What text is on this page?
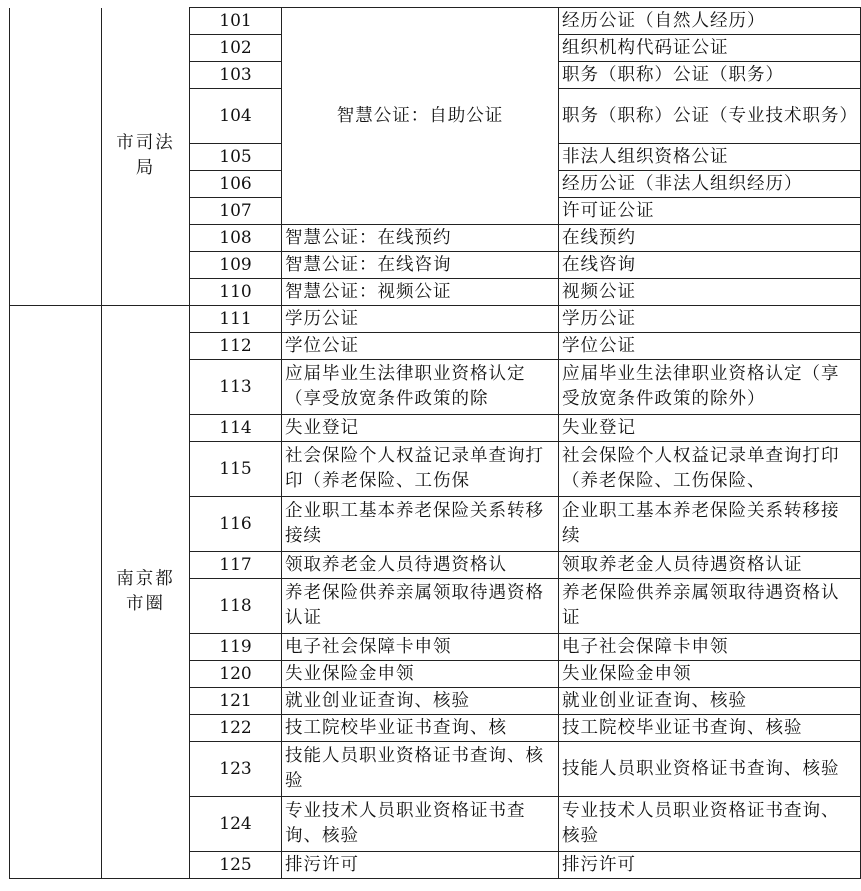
	市司法局	101	智慧公证：自助公证	经历公证（自然人经历）
		102		组织机构代码证公证
		103		职务（职称）公证（职务）
		104		职务（职称）公证（专业技术职务）
		105		非法人组织资格公证
		106		经历公证（非法人组织经历）
		107		许可证公证
		108	智慧公证：在线预约	在线预约
		109	智慧公证：在线咨询	在线咨询
		110	智慧公证：视频公证	视频公证
	南京都市圈	111	学历公证	学历公证
		112	学位公证	学位公证
		113	应届毕业生法律职业资格认定（享受放宽条件政策的除	应届毕业生法律职业资格认定（享受放宽条件政策的除外）

		114	失业登记	失业登记
		115	社会保险个人权益记录单查询打印（养老保险、工伤保	社会保险个人权益记录单查询打印（养老保险、工伤保险、

		116	企业职工基本养老保险关系转移接续	企业职工基本养老保险关系转移接续
		117	领取养老金人员待遇资格认	领取养老金人员待遇资格认证

		118	养老保险供养亲属领取待遇资格认证	养老保险供养亲属领取待遇资格认证
		119	电子社会保障卡申领	电子社会保障卡申领
		120	失业保险金申领	失业保险金申领
		121	就业创业证查询、核验	就业创业证查询、核验
		122	技工院校毕业证书查询、核	技工院校毕业证书查询、核验

		123	技能人员职业资格证书查询、核验	技能人员职业资格证书查询、核验
		124	专业技术人员职业资格证书查询、核验	专业技术人员职业资格证书查询、核验
		125	排污许可	排污许可
